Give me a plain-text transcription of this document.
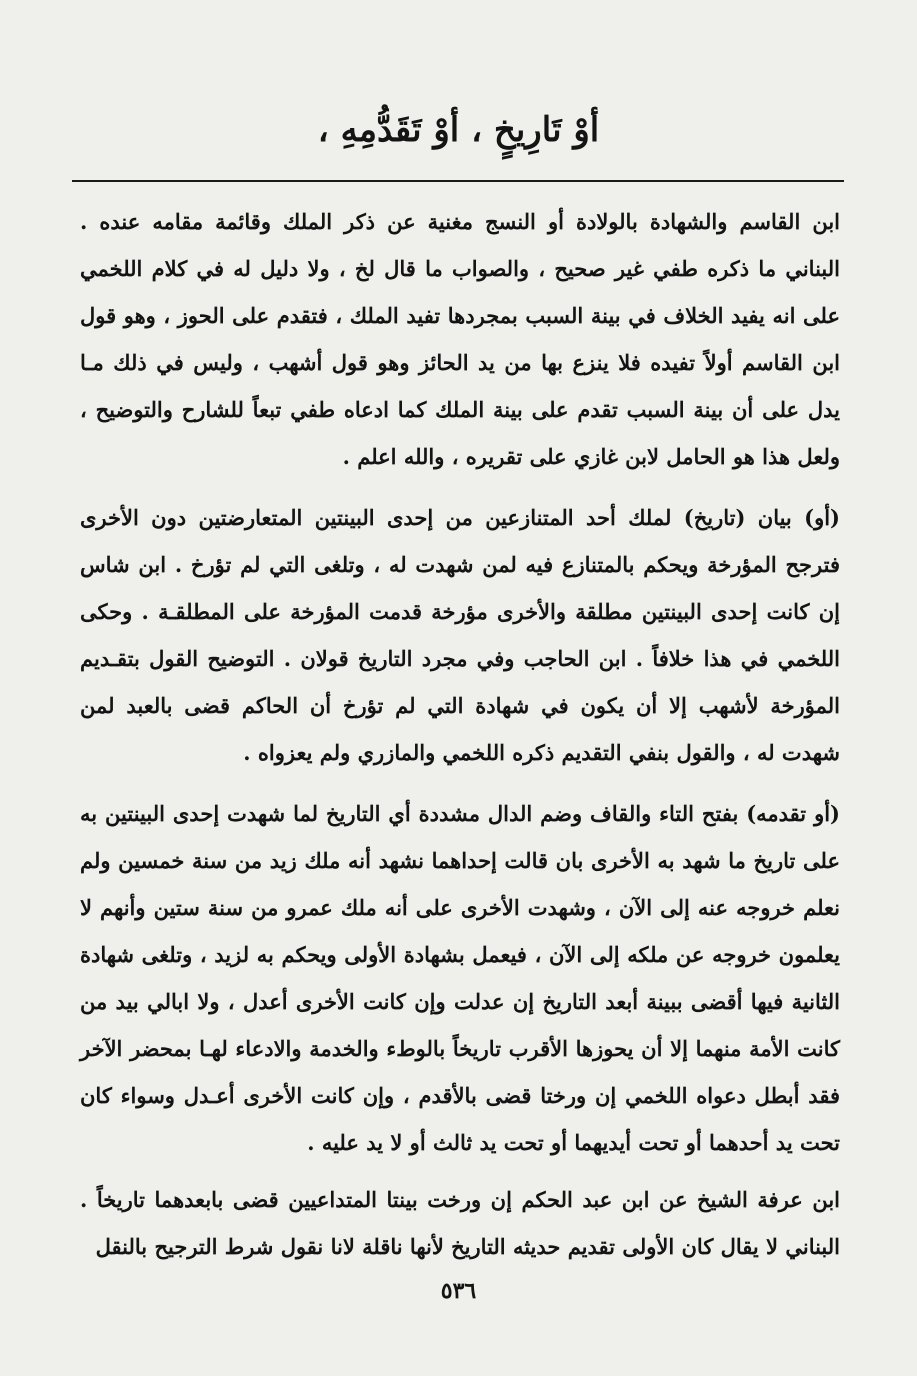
أوْ تَارِيخٍ ، أوْ تَقَدُّمِهِ ،

ابن القاسم والشهادة بالولادة أو النسج مغنية عن ذكر الملك وقائمة مقامه عنده . البناني ما ذكره طفي غير صحيح ، والصواب ما قال لخ ، ولا دليل له في كلام اللخمي على انه يفيد الخلاف في بينة السبب بمجردها تفيد الملك ، فتقدم على الحوز ، وهو قول ابن القاسم أولاً تفيده فلا ينزع بها من يد الحائز وهو قول أشهب ، وليس في ذلك مـا يدل على أن بينة السبب تقدم على بينة الملك كما ادعاه طفي تبعاً للشارح والتوضيح ، ولعل هذا هو الحامل لابن غازي على تقريره ، والله اعلم .

(أو) بيان (تاريخ) لملك أحد المتنازعين من إحدى البينتين المتعارضتين دون الأخرى فترجح المؤرخة ويحكم بالمتنازع فيه لمن شهدت له ، وتلغى التي لم تؤرخ . ابن شاس إن كانت إحدى البينتين مطلقة والأخرى مؤرخة قدمت المؤرخة على المطلقـة . وحكى اللخمي في هذا خلافاً . ابن الحاجب وفي مجرد التاريخ قولان . التوضيح القول بتقـديم المؤرخة لأشهب إلا أن يكون في شهادة التي لم تؤرخ أن الحاكم قضى بالعبد لمن شهدت له ، والقول بنفي التقديم ذكره اللخمي والمازري ولم يعزواه .

(أو تقدمه) بفتح التاء والقاف وضم الدال مشددة أي التاريخ لما شهدت إحدى البينتين به على تاريخ ما شهد به الأخرى بان قالت إحداهما نشهد أنه ملك زيد من سنة خمسين ولم نعلم خروجه عنه إلى الآن ، وشهدت الأخرى على أنه ملك عمرو من سنة ستين وأنهم لا يعلمون خروجه عن ملكه إلى الآن ، فيعمل بشهادة الأولى ويحكم به لزيد ، وتلغى شهادة الثانية فيها أقضى ببينة أبعد التاريخ إن عدلت وإن كانت الأخرى أعدل ، ولا ابالي بيد من كانت الأمة منهما إلا أن يحوزها الأقرب تاريخاً بالوطء والخدمة والادعاء لهـا بمحضر الآخر فقد أبطل دعواه اللخمي إن ورختا قضى بالأقدم ، وإن كانت الأخرى أعـدل وسواء كان تحت يد أحدهما أو تحت أيديهما أو تحت يد ثالث أو لا يد عليه .

ابن عرفة الشيخ عن ابن عبد الحكم إن ورخت بينتا المتداعيين قضى بابعدهما تاريخاً . البناني لا يقال كان الأولى تقديم حديثه التاريخ لأنها ناقلة لانا نقول شرط الترجيح بالنقل

٥٣٦
